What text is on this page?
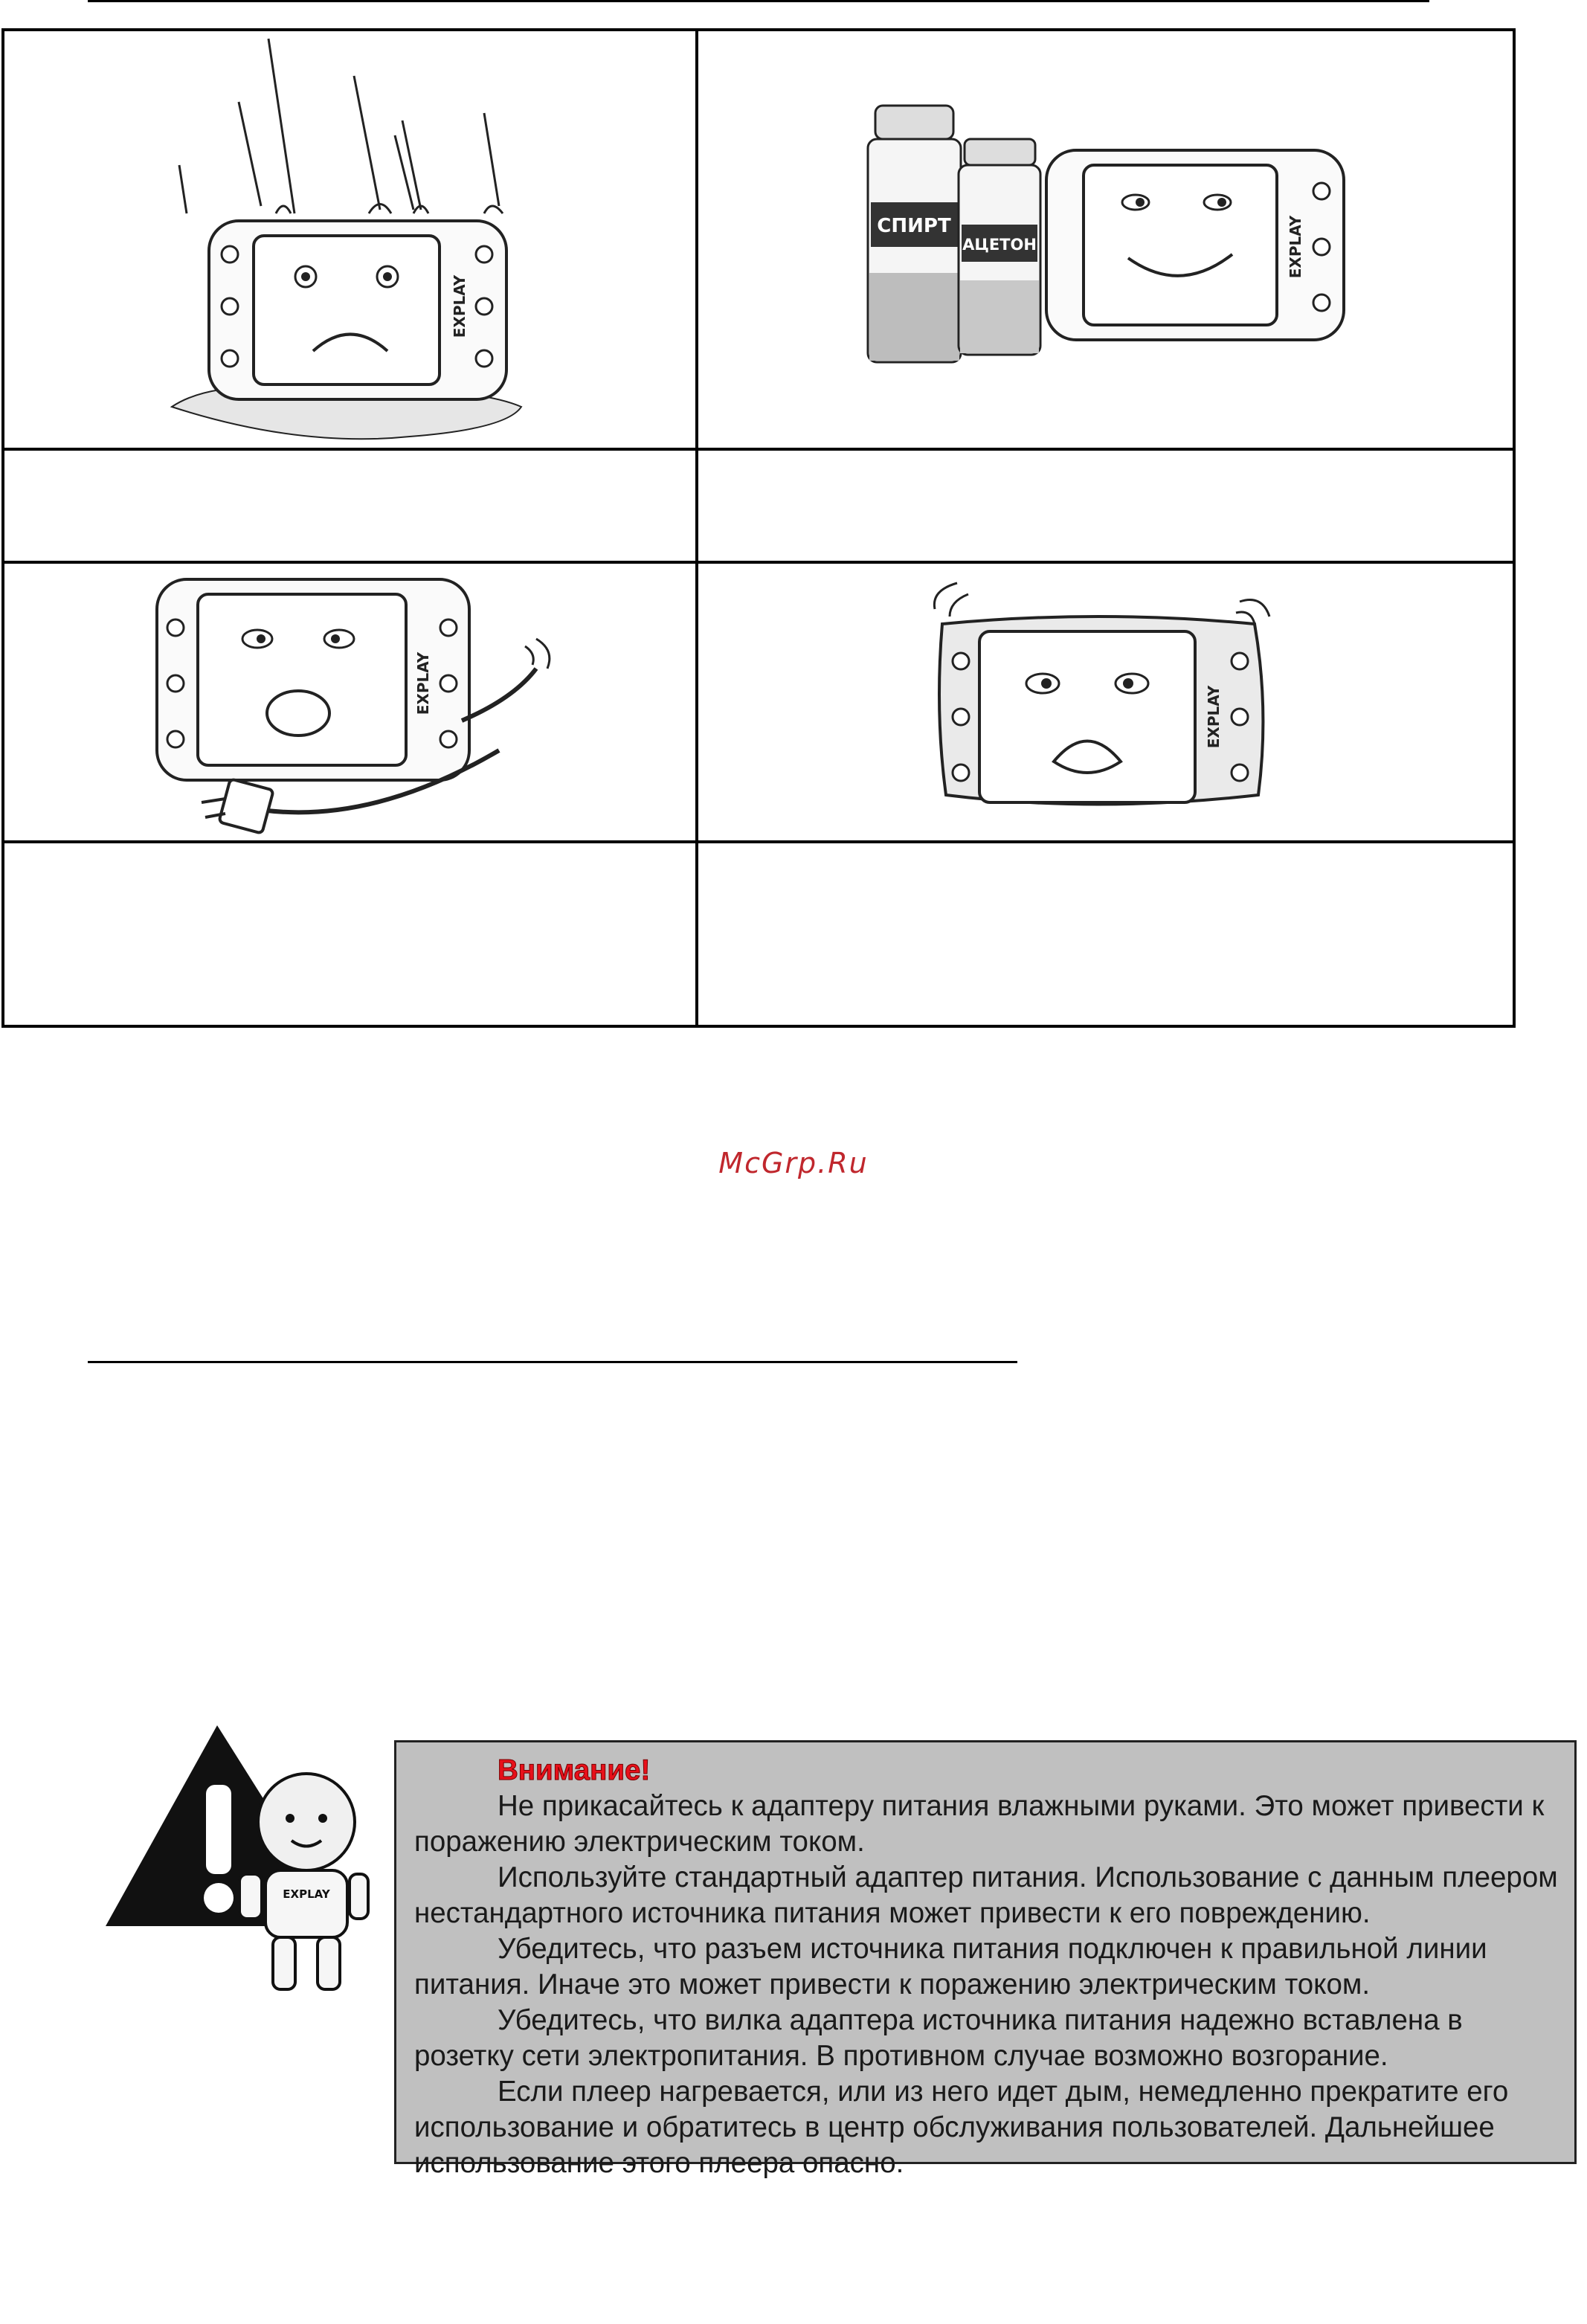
EXPLAY	СПИРТ
АЦЕТОН EXPLAY

EXPLAY	EXPLAY

McGrp.Ru
EXPLAY
Внимание!

Не прикасайтесь к адаптеру питания влажными руками. Это может привести к поражению электрическим током.

Используйте стандартный адаптер питания. Использование с данным плеером нестандартного источника питания может привести к его повреждению.

Убедитесь, что разъем источника питания подключен к правильной линии питания. Иначе это может привести к поражению электрическим током.

Убедитесь, что вилка адаптера источника питания надежно вставлена в розетку сети электропитания. В противном случае возможно возгорание.

Если плеер нагревается, или из него идет дым, немедленно прекратите его использование и обратитесь в центр обслуживания пользователей. Дальнейшее использование этого плеера опасно.
